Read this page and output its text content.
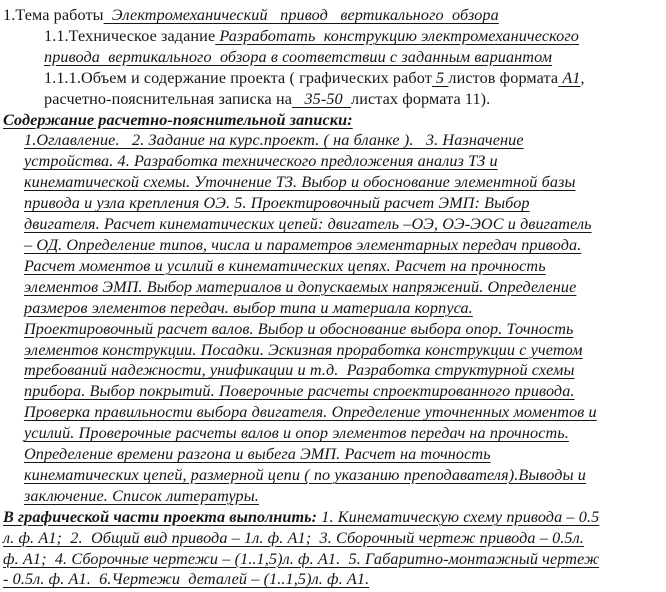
1.Тема работы  Электромеханический   привод   вертикального  обзора
1.1.Техническое задание Разработать  конструкцию электромеханического
привода  вертикального  обзора в соответствии с заданным вариантом
1.1.1.Объем и содержание проекта ( графических работ 5 листов формата А1,
расчетно-пояснительная записка на   35-50  листах формата 11).
Содержание расчетно-пояснительной записки:
1.Оглавление.   2. Задание на курс.проект. ( на бланке ).   3. Назначение
устройства. 4. Разработка технического предложения анализ ТЗ и
кинематической схемы. Уточнение ТЗ. Выбор и обоснование элементной базы
привода и узла крепления ОЭ. 5. Проектировочный расчет ЭМП: Выбор
двигателя. Расчет кинематических цепей: двигатель –ОЭ, ОЭ-ЭОС и двигатель
– ОД. Определение типов, числа и параметров элементарных передач привода.
Расчет моментов и усилий в кинематических цепях. Расчет на прочность
элементов ЭМП. Выбор материалов и допускаемых напряжений. Определение
размеров элементов передач. выбор типа и материала корпуса.
Проектировочный расчет валов. Выбор и обоснование выбора опор. Точность
элементов конструкции. Посадки. Эскизная проработка конструкции с учетом
требований надежности, унификации и т.д.  Разработка структурной схемы
прибора. Выбор покрытий. Поверочные расчеты спроектированного привода.
Проверка правильности выбора двигателя. Определение уточненных моментов и
усилий. Проверочные расчеты валов и опор элементов передач на прочность.
Определение времени разгона и выбега ЭМП. Расчет на точность
кинематических цепей, размерной цепи ( по указанию преподавателя).Выводы и
заключение. Список литературы.
В графической части проекта выполнить: 1. Кинематическую схему привода – 0.5
л. ф. А1;  2.  Общий вид привода – 1л. ф. А1;  3. Сборочный чертеж привода – 0.5л.
ф. А1;  4. Сборочные чертежи – (1..1,5)л. ф. А1.  5. Габаритно-монтажный чертеж
- 0.5л. ф. А1.  6.Чертежи  деталей – (1..1,5)л. ф. А1.
